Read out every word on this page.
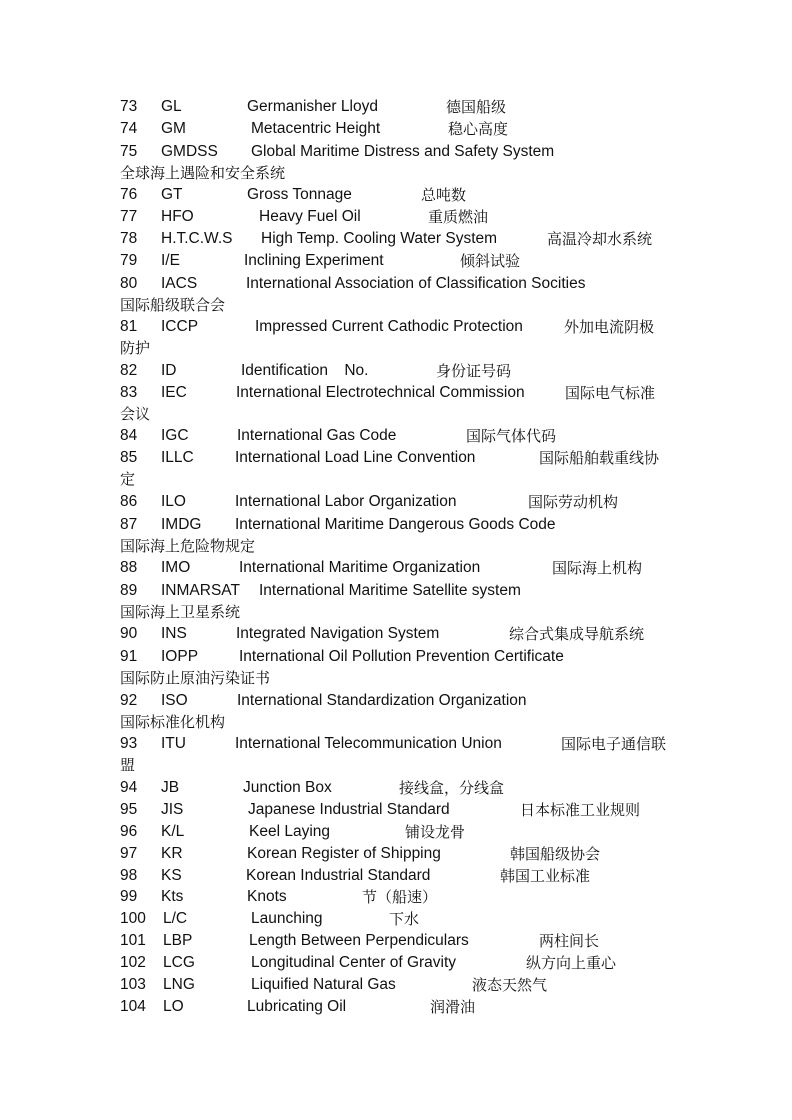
73 GL	Germanisher Lloyd	德国船级
74 GM	Metacentric Height	稳心高度
75 GMDSS Global Maritime Distress and Safety System
全球海上遇险和安全系统
76 GT	Gross Tonnage	总吨数
77 HFO	Heavy Fuel Oil	重质燃油
78 H.T.C.W.S High Temp. Cooling Water System	高温冷却水系统
79 I/E	Inclining Experiment	倾斜试验
80 IACS	International Association of Classification Socities
国际船级联合会
81 ICCP	Impressed Current Cathodic Protection	外加电流阴极
防护
82 ID	Identification No.	身份证号码
83 IEC	International Electrotechnical Commission	国际电气标准
会议
84 IGC	International Gas Code	国际气体代码
85 ILLC	International Load Line Convention	国际船舶载重线协
定
86 ILO	International Labor Organization	国际劳动机构
87 IMDG International Maritime Dangerous Goods Code
国际海上危险物规定
88 IMO	International Maritime Organization	国际海上机构
89 INMARSAT International Maritime Satellite system
国际海上卫星系统
90 INS	Integrated Navigation System	综合式集成导航系统
91 IOPP	International Oil Pollution Prevention Certificate
国际防止原油污染证书
92 ISO	International Standardization Organization
国际标准化机构
93 ITU	International Telecommunication Union	国际电子通信联
盟
94 JB	Junction Box	接线盒，分线盒
95 JIS	Japanese Industrial Standard	日本标准工业规则
96 K/L	Keel Laying	铺设龙骨
97 KR	Korean Register of Shipping	韩国船级协会
98 KS	Korean Industrial Standard	韩国工业标准
99 Kts	Knots	节（船速）
100 L/C	Launching	下水
101 LBP	Length Between Perpendiculars	两柱间长
102 LCG	Longitudinal Center of Gravity	纵方向上重心
103 LNG	Liquified Natural Gas	液态天然气
104 LO	Lubricating Oil	润滑油
